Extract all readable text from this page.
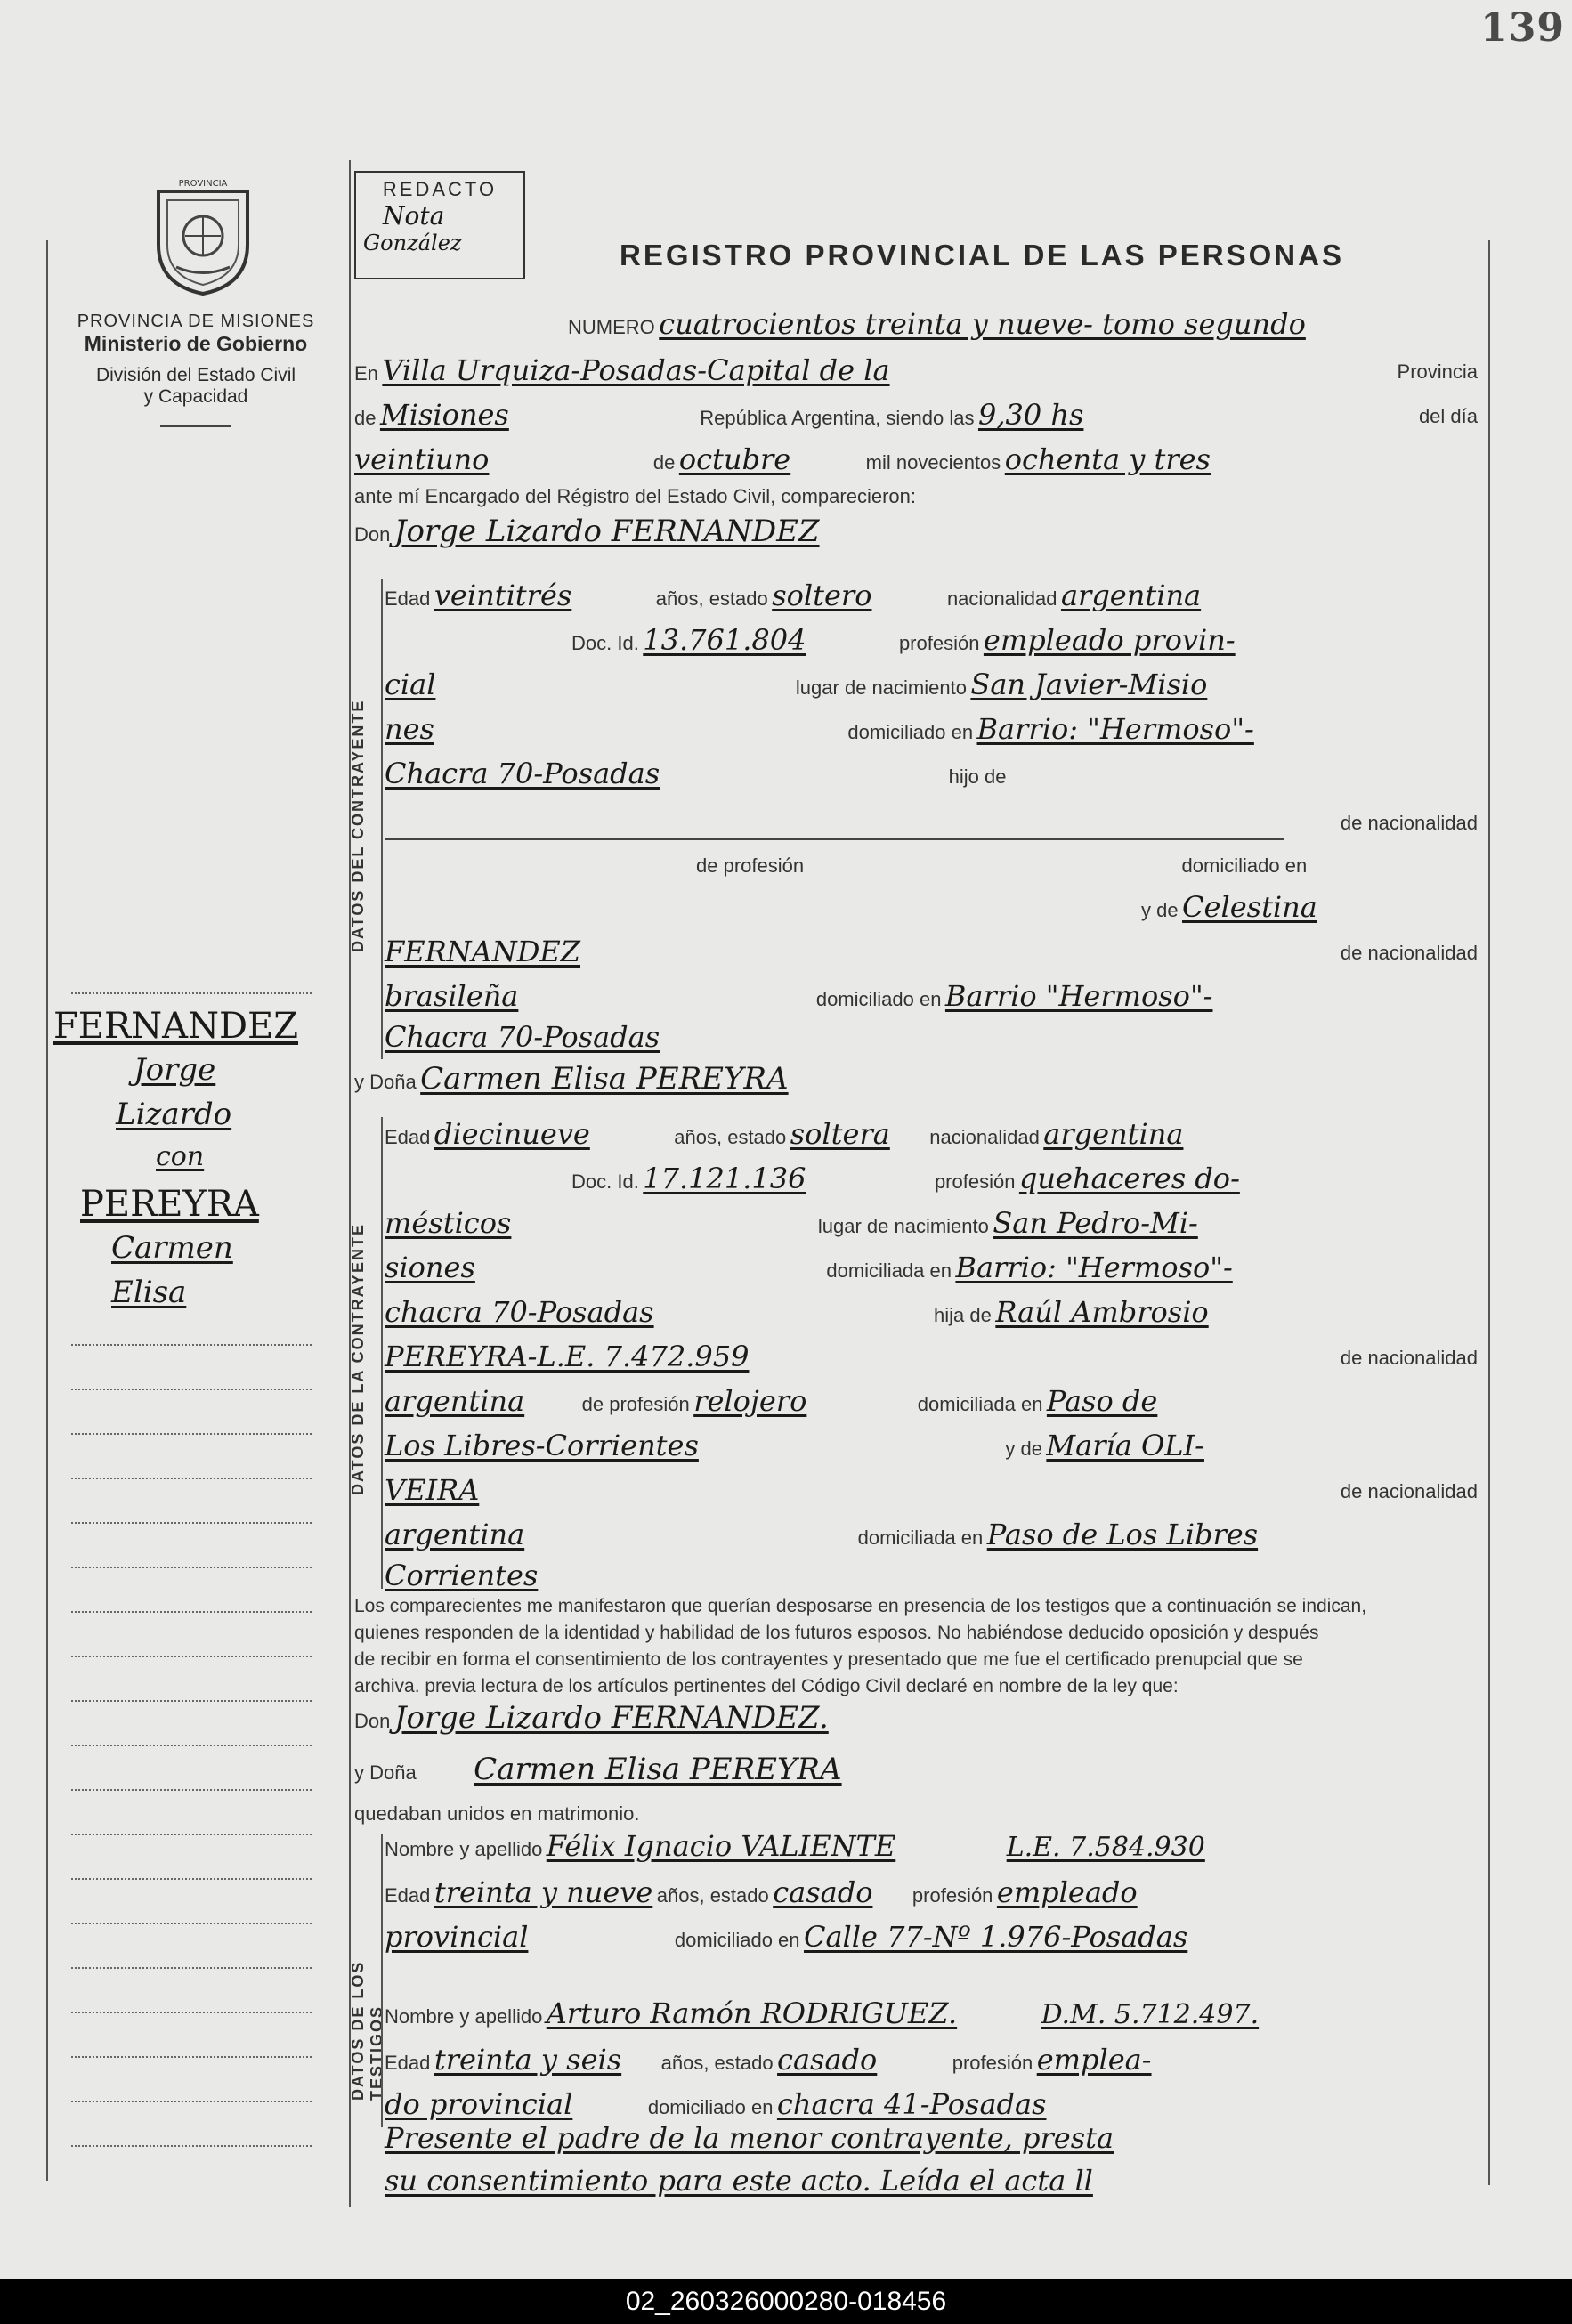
139
PROVINCIA
PROVINCIA DE MISIONES
Ministerio de Gobierno
División del Estado Civil
y Capacidad
REDACTO
Nota
González	REGISTRO PROVINCIAL DE LAS PERSONAS
NUMERO cuatrocientos treinta y nueve- tomo segundo
En Villa Urquiza-Posadas-Capital de la	Provincia
de Misiones	República Argentina, siendo las 9,30 hs	del día
veintiuno	de octubre	mil novecientos ochenta y tres
ante mí Encargado del Régistro del Estado Civil, comparecieron:
Don Jorge Lizardo FERNANDEZ
DATOS DEL CONTRAYENTE
Edad veintitrés	años, estado soltero	nacionalidad argentina
Doc. Id. 13.761.804	profesión empleado provin-
cial	lugar de nacimiento San Javier-Misio
nes	domiciliado en Barrio: "Hermoso"-
Chacra 70-Posadas	hijo de
de nacionalidad
de profesión	domiciliado en
y de Celestina
FERNANDEZ	de nacionalidad
brasileña	domiciliado en Barrio "Hermoso"-
Chacra 70-Posadas
y Doña Carmen Elisa PEREYRA
DATOS DE LA CONTRAYENTE
Edad diecinueve	años, estado soltera nacionalidad argentina
Doc. Id. 17.121.136	profesión quehaceres do-
mésticos	lugar de nacimiento San Pedro-Mi-
siones	domiciliada en Barrio: "Hermoso"-
chacra 70-Posadas	hija de Raúl Ambrosio
PEREYRA-L.E. 7.472.959	de nacionalidad
argentina	de profesión relojero	domiciliada en Paso de
Los Libres-Corrientes	y de María OLI-
VEIRA	de nacionalidad
argentina	domiciliada en Paso de Los Libres
Corrientes
Los comparecientes me manifestaron que querían desposarse en presencia de los testigos que a continuación se indican,
quienes responden de la identidad y habilidad de los futuros esposos. No habiéndose deducido oposición y después
de recibir en forma el consentimiento de los contrayentes y presentado que me fue el certificado prenupcial que se
archiva. previa lectura de los artículos pertinentes del Código Civil declaré en nombre de la ley que:
Don Jorge Lizardo FERNANDEZ.
y Doña Carmen Elisa PEREYRA
quedaban unidos en matrimonio.
DATOS DE LOS TESTIGOS
Nombre y apellido Félix Ignacio VALIENTE	L.E. 7.584.930
Edad treinta y nueve años, estado casado profesión empleado
provincial	domiciliado en Calle 77-Nº 1.976-Posadas
Nombre y apellido Arturo Ramón RODRIGUEZ.	D.M. 5.712.497.
Edad treinta y seis años, estado casado	profesión emplea-
do provincial	domiciliado en chacra 41-Posadas
Presente el padre de la menor contrayente, presta
su consentimiento para este acto. Leída el acta ll
FERNANDEZ
Jorge
Lizardo
con
PEREYRA
Carmen
Elisa
02_260326000280-018456
